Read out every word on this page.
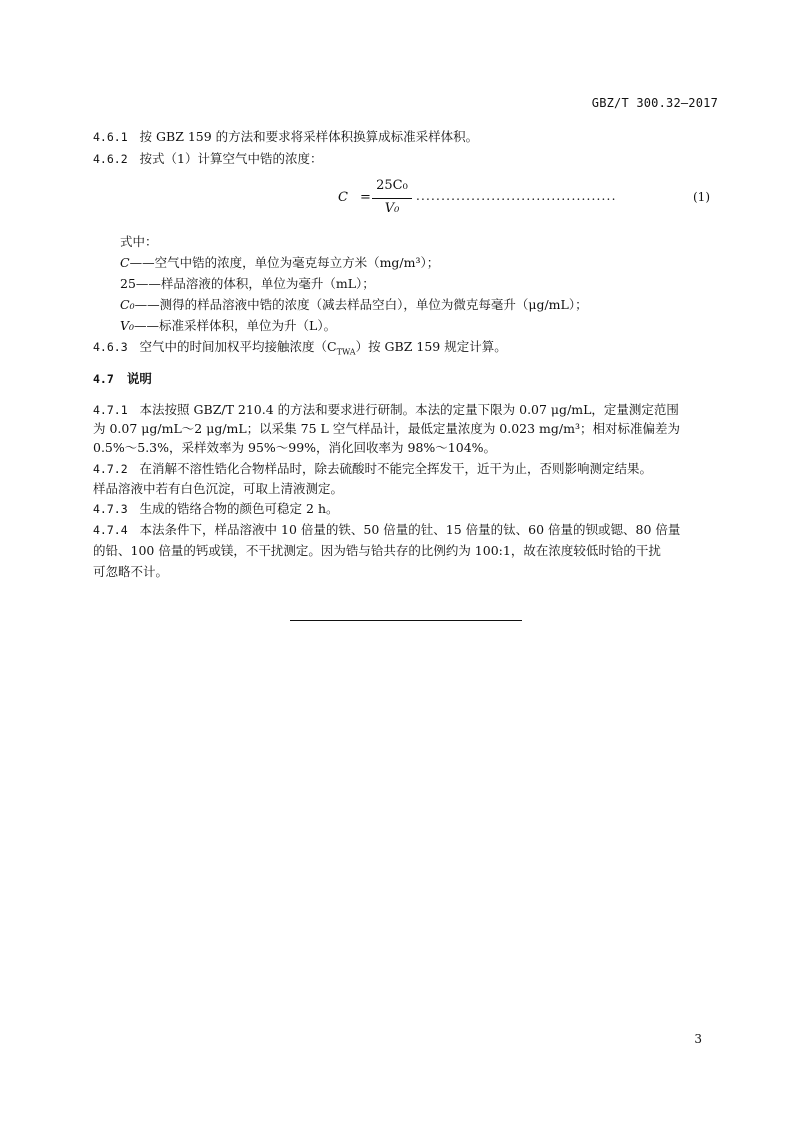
GBZ/T 300.32—2017
4.6.1 按 GBZ 159 的方法和要求将采样体积换算成标准采样体积。
4.6.2 按式（1）计算空气中锆的浓度：
C =
25C₀
V₀
........................................	(1)
式中：
C——空气中锆的浓度，单位为毫克每立方米（mg/m³）；
25——样品溶液的体积，单位为毫升（mL）；
C₀——测得的样品溶液中锆的浓度（减去样品空白），单位为微克每毫升（μg/mL）；
V₀——标准采样体积，单位为升（L）。
4.6.3 空气中的时间加权平均接触浓度$(C_{TWA})$按 GBZ 159 规定计算。
4.7 说明
4.7.1 本法按照 GBZ/T 210.4 的方法和要求进行研制。本法的定量下限为 0.07 μg/mL，定量测定范围
为 0.07 μg/mL～2 μg/mL；以采集 75 L 空气样品计，最低定量浓度为 0.023 mg/m³；相对标准偏差为
0.5%～5.3%，采样效率为 95%～99%，消化回收率为 98%～104%。
4.7.2 在消解不溶性锆化合物样品时，除去硫酸时不能完全挥发干，近干为止，否则影响测定结果。
样品溶液中若有白色沉淀，可取上清液测定。
4.7.3 生成的锆络合物的颜色可稳定 2 h。
4.7.4 本法条件下，样品溶液中 10 倍量的铁、50 倍量的钍、15 倍量的钛、60 倍量的钡或锶、80 倍量
的铅、100 倍量的钙或镁，不干扰测定。因为锆与铪共存的比例约为 100:1，故在浓度较低时铪的干扰
可忽略不计。
3
